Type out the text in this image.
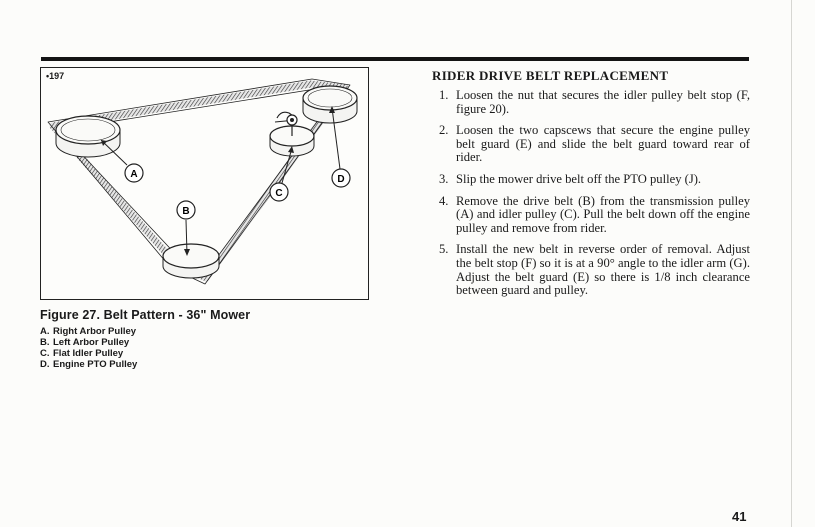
A
B
C
D
•197

Figure 27. Belt Pattern - 36" Mower

A. Right Arbor Pulley
B. Left Arbor Pulley
C. Flat Idler Pulley
D. Engine PTO Pulley
RIDER DRIVE BELT REPLACEMENT
1. Loosen the nut that secures the idler pulley belt stop (F, figure 20).
2. Loosen the two capscews that secure the engine pulley belt guard (E) and slide the belt guard toward rear of rider.
3. Slip the mower drive belt off the PTO pulley (J).
4. Remove the drive belt (B) from the transmission pulley (A) and idler pulley (C). Pull the belt down off the engine pulley and remove from rider.
5. Install the new belt in reverse order of removal. Adjust the belt stop (F) so it is at a 90° angle to the idler arm (G). Adjust the belt guard (E) so there is 1/8 inch clearance between guard and pulley.
41
